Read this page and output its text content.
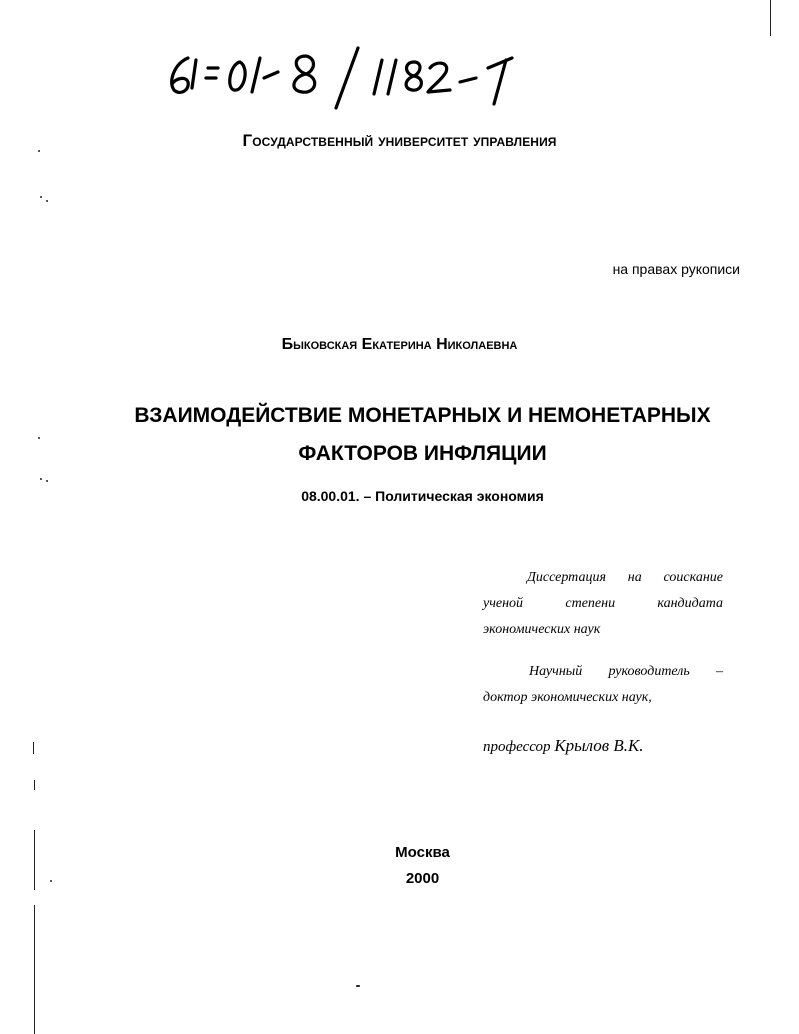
Государственный университет управления
на правах рукописи
Быковская Екатерина Николаевна
ВЗАИМОДЕЙСТВИЕ МОНЕТАРНЫХ И НЕМОНЕТАРНЫХ
ФАКТОРОВ ИНФЛЯЦИИ
08.00.01. – Политическая экономия
Диссертация на соискание ученой степени кандидата экономических наук
Научный руководитель – доктор экономических наук,
профессор Крылов В.К.
Москва
2000
